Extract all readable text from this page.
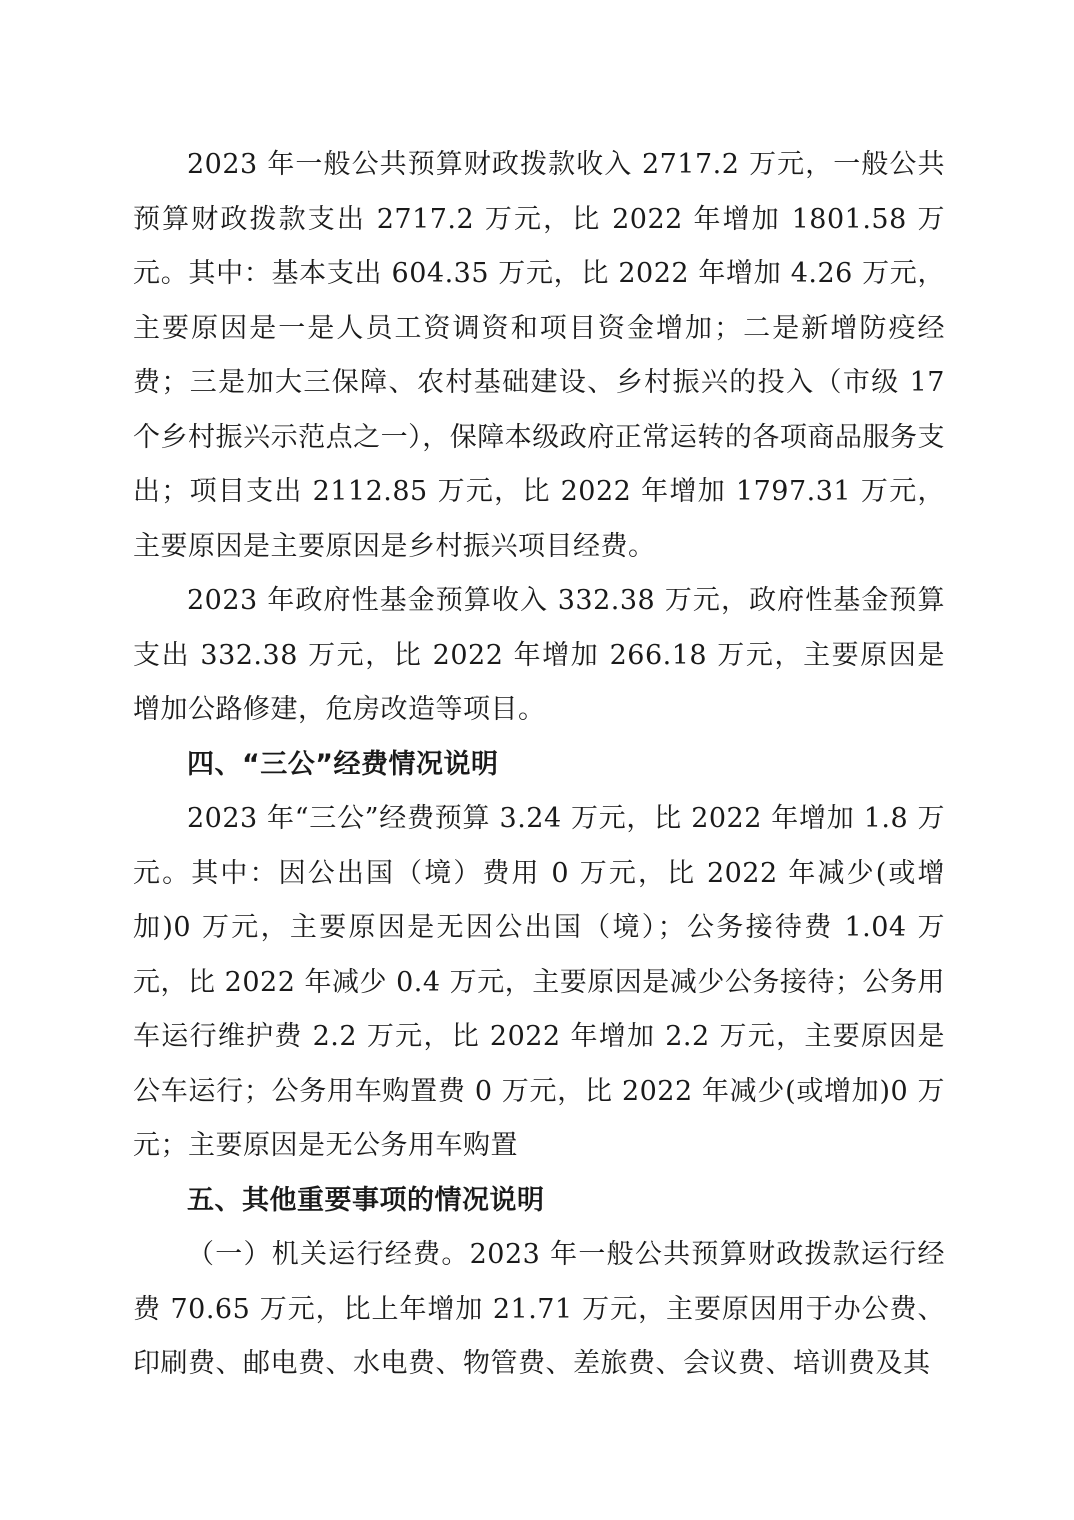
2023 年一般公共预算财政拨款收入 2717.2 万元，一般公共预算财政拨款支出 2717.2 万元，比 2022 年增加 1801.58 万元。其中：基本支出 604.35 万元，比 2022 年增加 4.26 万元，主要原因是一是人员工资调资和项目资金增加；二是新增防疫经费；三是加大三保障、农村基础建设、乡村振兴的投入（市级 17 个乡村振兴示范点之一），保障本级政府正常运转的各项商品服务支出；项目支出 2112.85 万元，比 2022 年增加 1797.31 万元，主要原因是主要原因是乡村振兴项目经费。

2023 年政府性基金预算收入 332.38 万元，政府性基金预算支出 332.38 万元，比 2022 年增加 266.18 万元，主要原因是增加公路修建，危房改造等项目。

四、“三公”经费情况说明

2023 年“三公”经费预算 3.24 万元，比 2022 年增加 1.8 万元。其中：因公出国（境）费用 0 万元，比 2022 年减少(或增加)0 万元，主要原因是无因公出国（境）；公务接待费 1.04 万元，比 2022 年减少 0.4 万元，主要原因是减少公务接待；公务用车运行维护费 2.2 万元，比 2022 年增加 2.2 万元，主要原因是公车运行；公务用车购置费 0 万元，比 2022 年减少(或增加)0 万元；主要原因是无公务用车购置

五、其他重要事项的情况说明

（一）机关运行经费。2023 年一般公共预算财政拨款运行经费 70.65 万元，比上年增加 21.71 万元，主要原因用于办公费、印刷费、邮电费、水电费、物管费、差旅费、会议费、培训费及其
